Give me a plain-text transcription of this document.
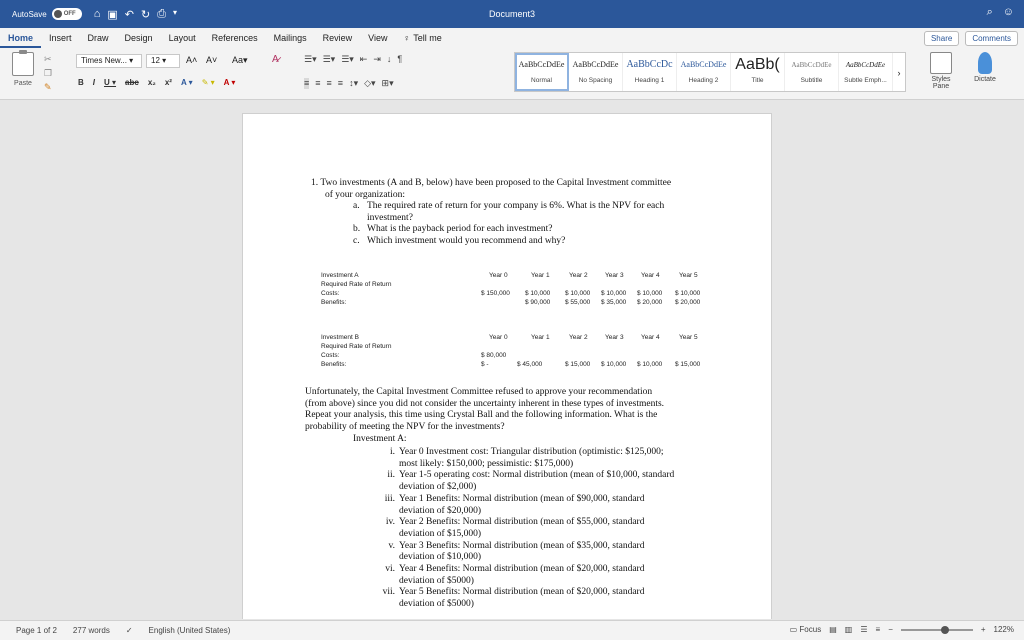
AutoSave	OFF ⌂ ▣ ↶ ↻ ⎙ ▾	Document3	⌕ ☺
Home	Insert	Draw	Design	Layout	References	Mailings	Review	View	♀ Tell me	Share	Comments
Paste
✂
❐
✎
Times New... ▾	12 ▾	A˄ A˅ Aa▾ A̷
B I U ▾ abc x₂ x² A ▾ ✎ ▾ A ▾
☰▾ ☰▾ ☰▾ ⇤ ⇥ ↓ ¶
≡ ≡ ≡ ≡ ↕▾ ◇▾ ⊞▾
AaBbCcDdEe
Normal
AaBbCcDdEe
No Spacing
AaBbCcDc
Heading 1
AaBbCcDdEe
Heading 2
AaBb(
Title
AaBbCcDdEe
Subtitle
AaBbCcDdEe
Subtle Emph...
›
Styles Pane
Dictate
1. Two investments (A and B, below) have been proposed to the Capital Investment committee
of your organization:
a. The required rate of return for your company is 6%. What is the NPV for each
investment?
b. What is the payback period for each investment?
c. Which investment would you recommend and why?
Investment A
Required Rate of Return
Costs:
Benefits:
Year 0	Year 1	Year 2	Year 3	Year 4	Year 5
$ 150,000 $ 10,000 $ 10,000 $ 10,000 $ 10,000 $ 10,000
$ 90,000 $ 55,000 $ 35,000 $ 20,000 $ 20,000
Investment B
Required Rate of Return
Costs:
Benefits:
Year 0	Year 1	Year 2	Year 3	Year 4	Year 5
$ 80,000
$ -	$ 45,000	$ 15,000 $ 10,000 $ 10,000 $ 15,000
Unfortunately, the Capital Investment Committee refused to approve your recommendation
(from above) since you did not consider the uncertainty inherent in these types of investments.
Repeat your analysis, this time using Crystal Ball and the following information. What is the
probability of meeting the NPV for the investments?
Investment A:
i. Year 0 Investment cost: Triangular distribution (optimistic: $125,000;
most likely: $150,000; pessimistic: $175,000)
ii. Year 1-5 operating cost: Normal distribution (mean of $10,000, standard
deviation of $2,000)
iii. Year 1 Benefits: Normal distribution (mean of $90,000, standard
deviation of $20,000)
iv. Year 2 Benefits: Normal distribution (mean of $55,000, standard
deviation of $15,000)
v. Year 3 Benefits: Normal distribution (mean of $35,000, standard
deviation of $10,000)
vi. Year 4 Benefits: Normal distribution (mean of $20,000, standard
deviation of $5000)
vii. Year 5 Benefits: Normal distribution (mean of $20,000, standard
deviation of $5000)
Page 1 of 2 277 words ✓ English (United States)	▭ Focus ▤ ▥ ☰ ≡ −	+ 122%
